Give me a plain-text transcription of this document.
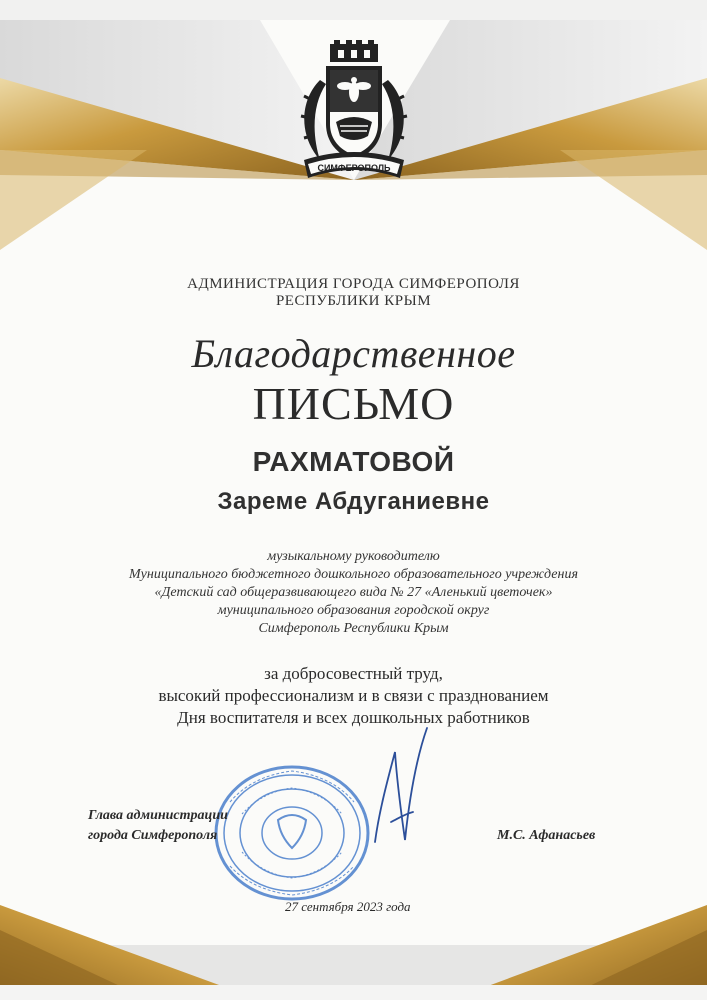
СИМФЕРОПОЛЬ
АДМИНИСТРАЦИЯ ГОРОДА СИМФЕРОПОЛЯ
РЕСПУБЛИКИ КРЫМ
Благодарственное
ПИСЬМО
РАХМАТОВОЙ
Зареме Абдуганиевне
музыкальному руководителю
Муниципального бюджетного дошкольного образовательного учреждения
«Детский сад общеразвивающего вида № 27 «Аленький цветочек»
муниципального образования городской округ
Симферополь Республики Крым
за добросовестный труд,
высокий профессионализм и в связи с празднованием
Дня воспитателя и всех дошкольных работников
Глава администрации
города Симферополя	М.С. Афанасьев
27 сентября 2023 года
